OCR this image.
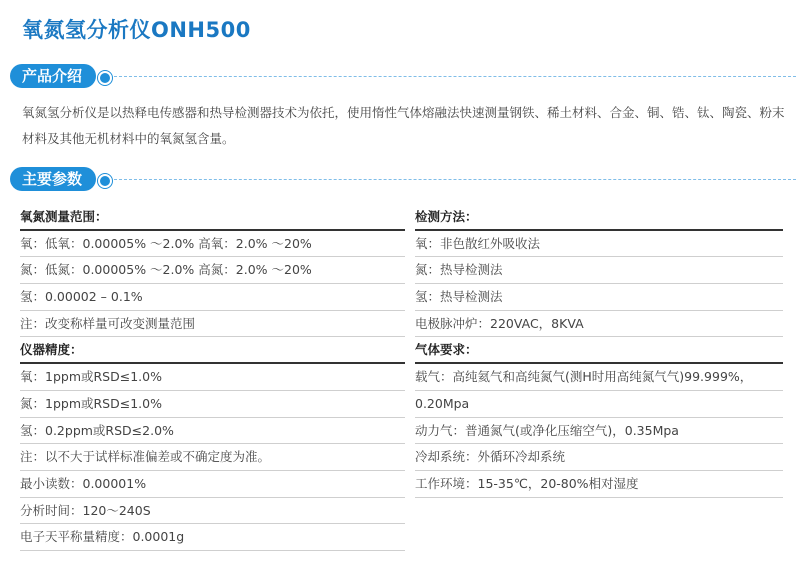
氧氮氢分析仪ONH500
产品介绍
氧氮氢分析仪是以热释电传感器和热导检测器技术为依托，使用惰性气体熔融法快速测量钢铁、稀土材料、合金、铜、锆、钛、陶瓷、粉末材料及其他无机材料中的氧氮氢含量。
主要参数
氧氮测量范围：
氧：低氧：0.00005% ～2.0% 高氧：2.0% ～20%
氮：低氮：0.00005% ～2.0% 高氮：2.0% ～20%
氢：0.00002 – 0.1%
注：改变称样量可改变测量范围
仪器精度：
氧：1ppm或RSD≤1.0%
氮：1ppm或RSD≤1.0%
氢：0.2ppm或RSD≤2.0%
注：以不大于试样标准偏差或不确定度为准。
最小读数：0.00001%
分析时间：120～240S
电子天平称量精度：0.0001g
检测方法：
氧：非色散红外吸收法
氮：热导检测法
氢：热导检测法
电极脉冲炉：220VAC，8KVA
气体要求：
载气：高纯氦气和高纯氮气(测H时用高纯氮气气)99.999%，
0.20Mpa
动力气：普通氮气(或净化压缩空气)，0.35Mpa
冷却系统：外循环冷却系统
工作环境：15-35℃，20-80%相对湿度
